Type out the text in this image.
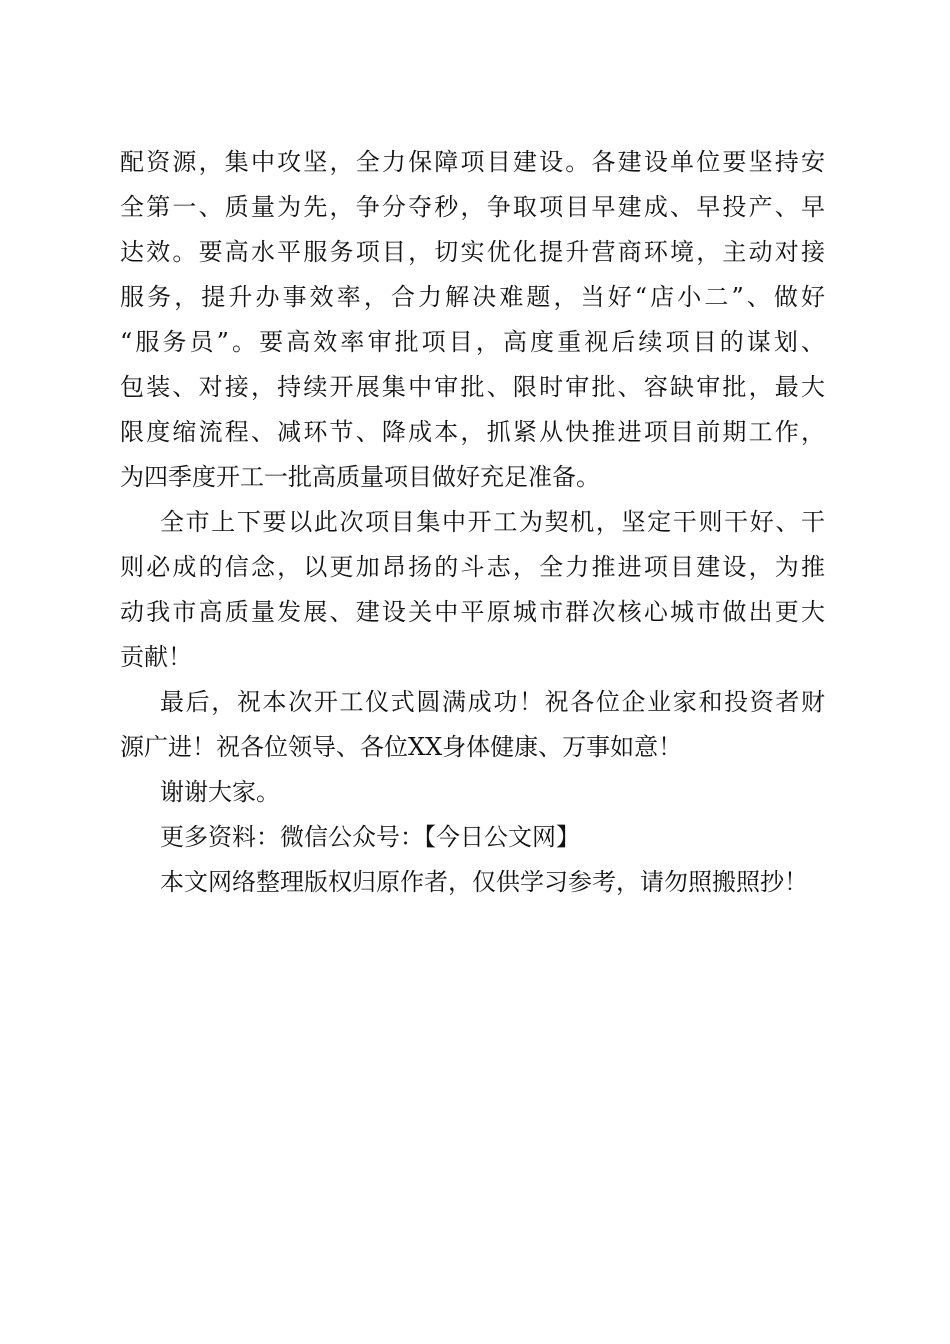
配资源，集中攻坚，全力保障项目建设。各建设单位要坚持安
全第一、质量为先，争分夺秒，争取项目早建成、早投产、早
达效。要高水平服务项目，切实优化提升营商环境，主动对接
服务，提升办事效率，合力解决难题，当好“店小二”、做好
“服务员”。要高效率审批项目，高度重视后续项目的谋划、
包装、对接，持续开展集中审批、限时审批、容缺审批，最大
限度缩流程、减环节、降成本，抓紧从快推进项目前期工作，
为四季度开工一批高质量项目做好充足准备。
全市上下要以此次项目集中开工为契机，坚定干则干好、干
则必成的信念，以更加昂扬的斗志，全力推进项目建设，为推
动我市高质量发展、建设关中平原城市群次核心城市做出更大
贡献！
最后，祝本次开工仪式圆满成功！祝各位企业家和投资者财
源广进！祝各位领导、各位XX身体健康、万事如意！
谢谢大家。
更多资料：微信公众号：【今日公文网】
本文网络整理版权归原作者，仅供学习参考，请勿照搬照抄！
